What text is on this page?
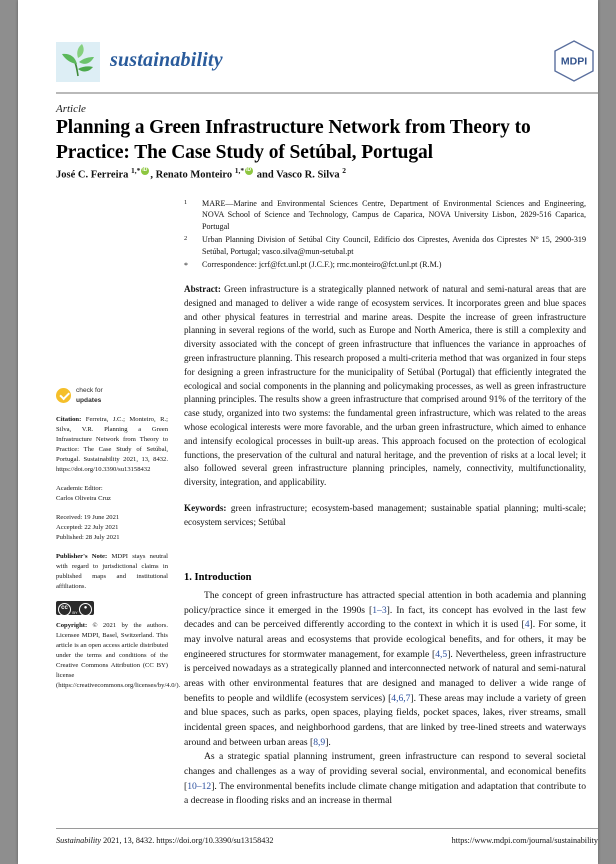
sustainability	MDPI
Article
Planning a Green Infrastructure Network from Theory to Practice: The Case Study of Setúbal, Portugal
José C. Ferreira $^{1,*}$ iD , Renato Monteiro $^{1,*}$iD and Vasco R. Silva $^2$
1 MARE—Marine and Environmental Sciences Centre, Department of Environmental Sciences and Engineering, NOVA School of Science and Technology, Campus de Caparica, NOVA University Lisbon, 2829-516 Caparica, Portugal
2 Urban Planning Division of Setúbal City Council, Edifício dos Ciprestes, Avenida dos Ciprestes Nº 15, 2900-319 Setúbal, Portugal; vasco.silva@mun-setubal.pt
* Correspondence: jcrf@fct.unl.pt (J.C.F.); rmc.monteiro@fct.unl.pt (R.M.)
Abstract: Green infrastructure is a strategically planned network of natural and semi-natural areas that are designed and managed to deliver a wide range of ecosystem services. It incorporates green and blue spaces and other physical features in terrestrial and marine areas. Despite the increase of green infrastructure planning in several regions of the world, such as Europe and North America, there is still a complexity and diversity associated with the concept of green infrastructure that influences the variance in approaches of green infrastructure planning. This research proposed a multi-criteria method that was organized in four steps for designing a green infrastructure for the municipality of Setúbal (Portugal) that efficiently integrated the ecological and social components in the planning and policymaking processes, as well as green infrastructure planning principles. The results show a green infrastructure that comprised around 91% of the territory of the case study, organized into two systems: the fundamental green infrastructure, which was related to the areas whose ecological interests were more favorable, and the urban green infrastructure, which aimed to enhance and intensify ecological processes in built-up areas. This approach focused on the protection of ecological functions, the preservation of the cultural and natural heritage, and the prevention of risks at a local level; it also followed several green infrastructure planning principles, namely, connectivity, multifunctionality, diversity, integration, and applicability.
Keywords: green infrastructure; ecosystem-based management; sustainable spatial planning; multi-scale; ecosystem services; Setúbal
1. Introduction

The concept of green infrastructure has attracted special attention in both academia and planning policy/practice since it emerged in the 1990s [1–3]. In fact, its concept has evolved in the last few decades and can be perceived differently according to the context in which it is used [4]. For some, it may involve natural areas and ecosystems that provide ecological benefits, and for others, it may be engineered structures for stormwater management, for example [4,5]. Nevertheless, green infrastructure is perceived nowadays as a strategically planned and interconnected network of natural and semi-natural areas with other environmental features that are designed and managed to deliver a wide range of benefits to people and wildlife (ecosystem services) [4,6,7]. These areas may include a variety of green and blue spaces, such as parks, open spaces, playing fields, pocket spaces, lakes, river streams, small incidental green spaces, and neighborhood gardens, that are linked by tree-lined streets and waterways around and between urban areas [8,9].

As a strategic spatial planning instrument, green infrastructure can respond to several societal changes and challenges as a way of providing several social, environmental, and economical benefits [10–12]. The environmental benefits include climate change mitigation and adaptation that contribute to a decrease in flooding risks and an increase in thermal

check for
updates
Citation: Ferreira, J.C.; Monteiro, R.; Silva, V.R. Planning a Green Infrastructure Network from Theory to Practice: The Case Study of Setúbal, Portugal. Sustainability 2021, 13, 8432. https://doi.org/10.3390/su13158432
Academic Editor:
Carlos Oliveira Cruz
Received: 19 June 2021
Accepted: 22 July 2021
Published: 28 July 2021
Publisher's Note: MDPI stays neutral with regard to jurisdictional claims in published maps and institutional affiliations.
cc	●
BY
Copyright: © 2021 by the authors. Licensee MDPI, Basel, Switzerland. This article is an open access article distributed under the terms and conditions of the Creative Commons Attribution (CC BY) license (https://creativecommons.org/licenses/by/4.0/).
Sustainability 2021, 13, 8432. https://doi.org/10.3390/su13158432	https://www.mdpi.com/journal/sustainability
